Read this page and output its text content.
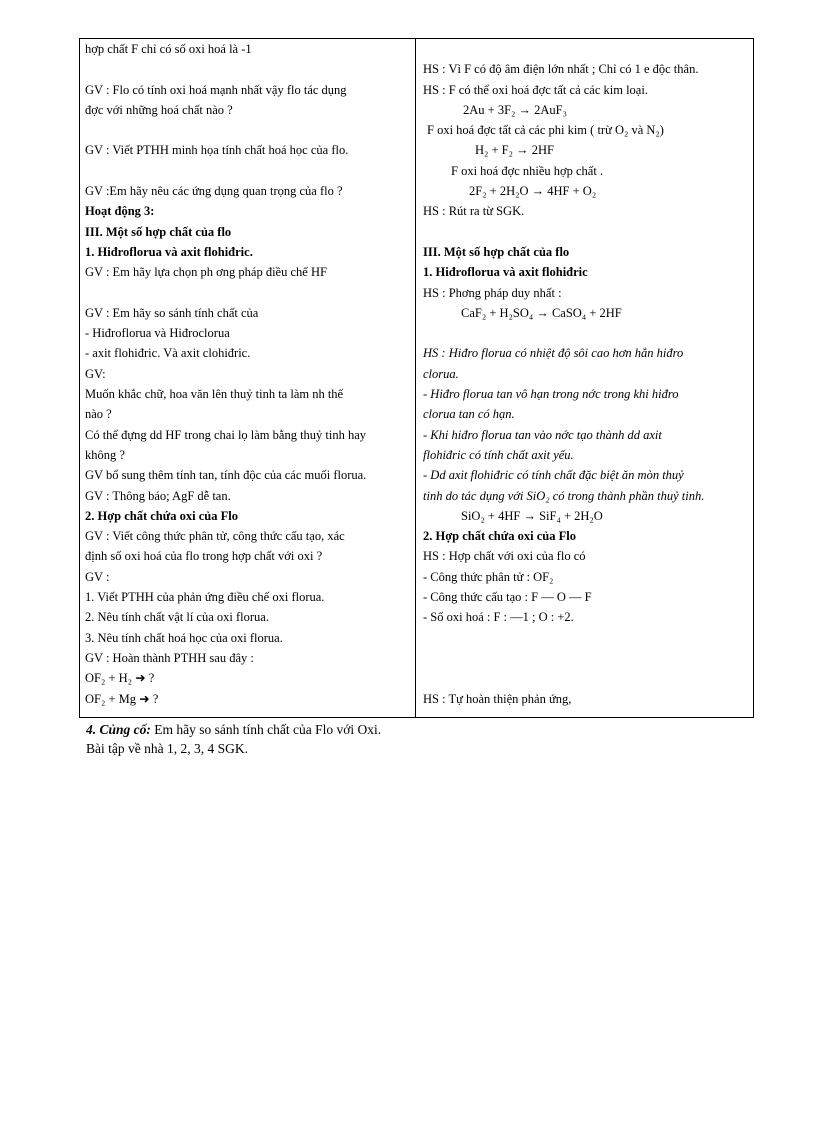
hợp chất F chỉ có số oxi hoá là -1
GV : Flo có tính oxi hoá mạnh nhất vậy flo tác dụng
đợc với những hoá chất nào ?
GV : Viết PTHH minh họa tính chất hoá học của flo.
GV :Em hãy nêu các ứng dụng quan trọng của flo ?
Hoạt động 3:
III. Một số hợp chất của flo
1. Hiđroflorua và axit flohiđric.
GV : Em hãy lựa chọn ph ơng pháp điều chế HF
GV : Em hãy so sánh tính chất của
- Hiđroflorua và Hiđroclorua
- axit flohiđric. Và axit clohiđric.
GV:
Muốn khắc chữ, hoa văn lên thuỷ tinh ta làm nh thế
nào ?
Có thể đựng dd HF trong chai lọ làm bằng thuỷ tinh hay
không ?
GV bổ sung thêm tính tan, tính độc của các muối florua.
GV : Thông báo; AgF dễ tan.
2. Hợp chất chứa oxi của Flo
GV : Viết công thức phân tử, công thức cấu tạo, xác
định số oxi hoá của flo trong hợp chất với oxi ?
GV :
1. Viết PTHH của phản ứng điều chế oxi florua.
2. Nêu tính chất vật lí của oxi florua.
3. Nêu tính chất hoá học của oxi florua.
GV : Hoàn thành PTHH sau đây :
OF₂ + H₂ ➜ ?
OF₂ + Mg ➜ ?
HS : Vì F có độ âm điện lớn nhất ; Chỉ có 1 e độc thân.
HS : F có thể oxi hoá đợc tất cả các kim loại.
2Au + 3F₂ → 2AuF₃
F oxi hoá đợc tất cả các phi kim ( trừ O₂ và N₂)
H₂ + F₂ → 2HF
F oxi hoá đợc nhiều hợp chất .
2F₂ + 2H₂O → 4HF + O₂
HS : Rút ra từ SGK.
III. Một số hợp chất của flo
1. Hiđroflorua và axit flohiđric
HS : Phơng pháp duy nhất :
CaF₂ + H₂SO₄ → CaSO₄ + 2HF
HS : Hiđro florua có nhiệt độ sôi cao hơn hẳn hiđro
clorua.
- Hiđro florua tan vô hạn trong nớc trong khi hiđro
clorua tan có hạn.
- Khi hiđro florua tan vào nớc tạo thành dd axit
flohiđric có tính chất axit yếu.
- Dd axit flohiđric có tính chất đặc biệt ăn mòn thuỷ
tinh do tác dụng với SiO₂ có trong thành phần thuỷ tinh.
SiO₂ + 4HF → SiF₄ + 2H₂O
2. Hợp chất chứa oxi của Flo
HS : Hợp chất với oxi của flo có
- Công thức phân tử : OF₂
- Công thức cấu tạo : F — O — F
- Số oxi hoá : F : —1 ; O : +2.
HS : Tự hoàn thiện phản ứng,
4. Củng cố: Em hãy so sánh tính chất của Flo với Oxi.
Bài tập về nhà 1, 2, 3, 4 SGK.
